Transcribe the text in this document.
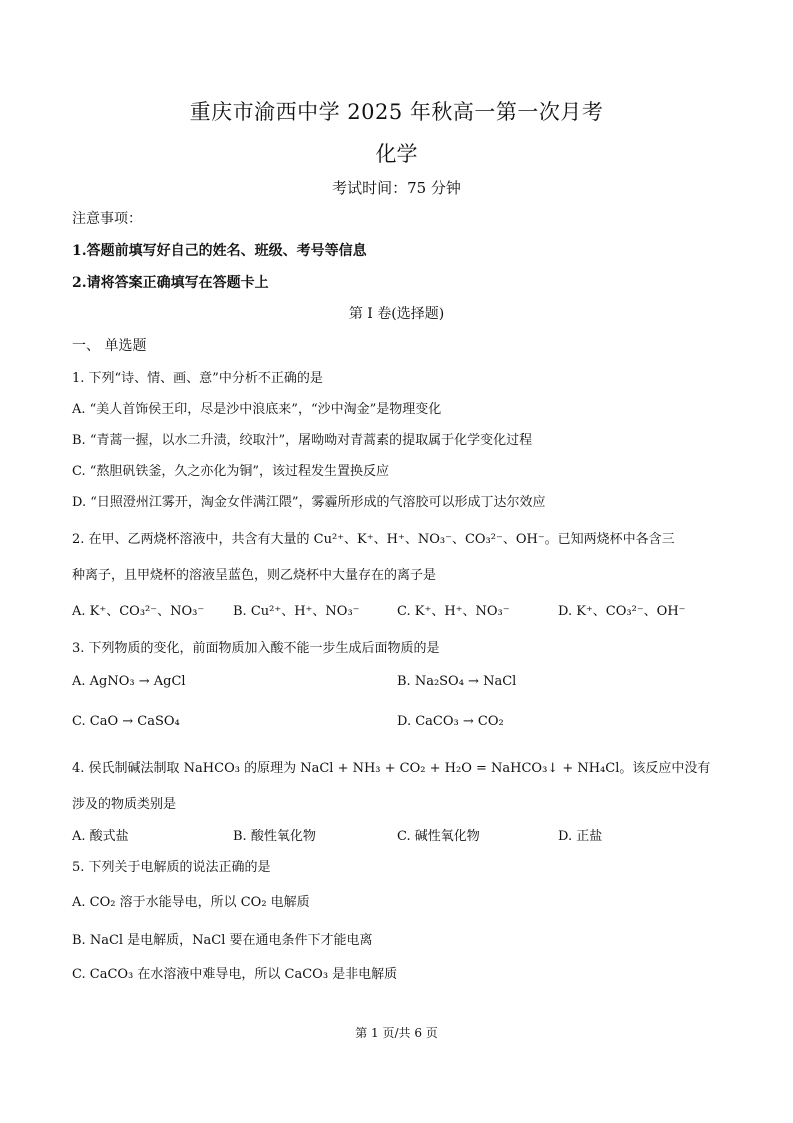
重庆市渝西中学 2025 年秋高一第一次月考
化学
考试时间：75 分钟
注意事项：
1.答题前填写好自己的姓名、班级、考号等信息
2.请将答案正确填写在答题卡上
第 I 卷(选择题)
一、 单选题
1. 下列“诗、情、画、意”中分析不正确的是
A. “美人首饰侯王印，尽是沙中浪底来”，“沙中淘金”是物理变化
B. “青蒿一握，以水二升渍，绞取汁”，屠呦呦对青蒿素的提取属于化学变化过程
C. “熬胆矾铁釜，久之亦化为铜”，该过程发生置换反应
D. “日照澄州江雾开，淘金女伴满江隈”，雾霾所形成的气溶胶可以形成丁达尔效应
2. 在甲、乙两烧杯溶液中，共含有大量的 Cu²⁺、K⁺、H⁺、NO₃⁻、CO₃²⁻、OH⁻。已知两烧杯中各含三
种离子，且甲烧杯的溶液呈蓝色，则乙烧杯中大量存在的离子是
A. K⁺、CO₃²⁻、NO₃⁻ B. Cu²⁺、H⁺、NO₃⁻	C. K⁺、H⁺、NO₃⁻	D. K⁺、CO₃²⁻、OH⁻
3. 下列物质的变化，前面物质加入酸不能一步生成后面物质的是
A. AgNO₃ → AgCl	B. Na₂SO₄ → NaCl
C. CaO → CaSO₄	D. CaCO₃ → CO₂
4. 侯氏制碱法制取 NaHCO₃ 的原理为 NaCl + NH₃ + CO₂ + H₂O = NaHCO₃↓ + NH₄Cl。该反应中没有
涉及的物质类别是
A. 酸式盐	B. 酸性氧化物	C. 碱性氧化物	D. 正盐
5. 下列关于电解质的说法正确的是
A. CO₂ 溶于水能导电，所以 CO₂ 电解质
B. NaCl 是电解质，NaCl 要在通电条件下才能电离
C. CaCO₃ 在水溶液中难导电，所以 CaCO₃ 是非电解质
第 1 页/共 6 页
